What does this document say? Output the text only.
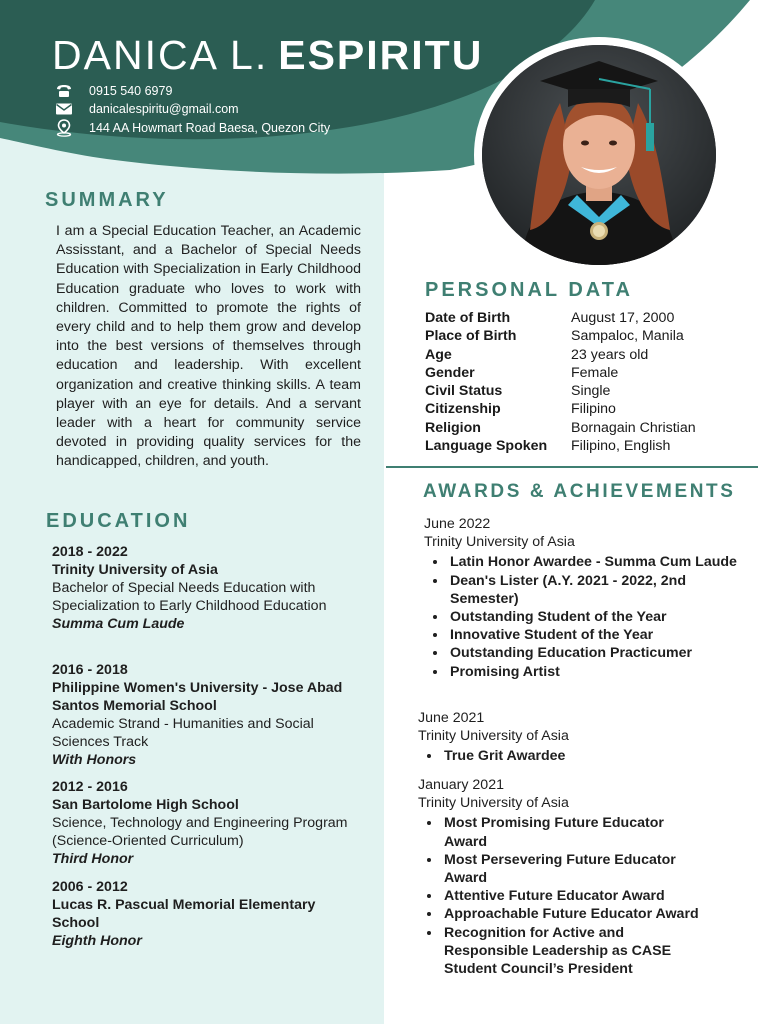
DANICA L. ESPIRITU
0915 540 6979
danicalespiritu@gmail.com
144 AA Howmart Road Baesa, Quezon City
SUMMARY
I am a Special Education Teacher, an Academic Assisstant, and a Bachelor of Special Needs Education with Specialization in Early Childhood Education graduate who loves to work with children. Committed to promote the rights of every child and to help them grow and develop into the best versions of themselves through education and leadership. With excellent organization and creative thinking skills. A team player with an eye for details. And a servant leader with a heart for community service devoted in providing quality services for the handicapped, children, and youth.
EDUCATION
2018 - 2022
Trinity University of Asia
Bachelor of Special Needs Education with Specialization to Early Childhood Education
Summa Cum Laude
2016 - 2018
Philippine Women's University - Jose Abad Santos Memorial School
Academic Strand - Humanities and Social Sciences Track
With Honors
2012 - 2016
San Bartolome High School
Science, Technology and Engineering Program (Science-Oriented Curriculum)
Third Honor
2006 - 2012
Lucas R. Pascual Memorial Elementary School
Eighth Honor
PERSONAL DATA
Date of Birth	August 17, 2000
Place of Birth	Sampaloc, Manila
Age	23 years old
Gender	Female
Civil Status	Single
Citizenship	Filipino
Religion	Bornagain Christian
Language Spoken	Filipino, English
AWARDS & ACHIEVEMENTS
June 2022
Trinity University of Asia
• Latin Honor Awardee - Summa Cum Laude
• Dean's Lister (A.Y. 2021 - 2022, 2nd Semester)
• Outstanding Student of the Year
• Innovative Student of the Year
• Outstanding Education Practicumer
• Promising Artist
June 2021
Trinity University of Asia
• True Grit Awardee
January 2021
Trinity University of Asia
• Most Promising Future Educator Award
• Most Persevering Future Educator Award
• Attentive Future Educator Award
• Approachable Future Educator Award
• Recognition for Active and Responsible Leadership as CASE Student Council’s President
